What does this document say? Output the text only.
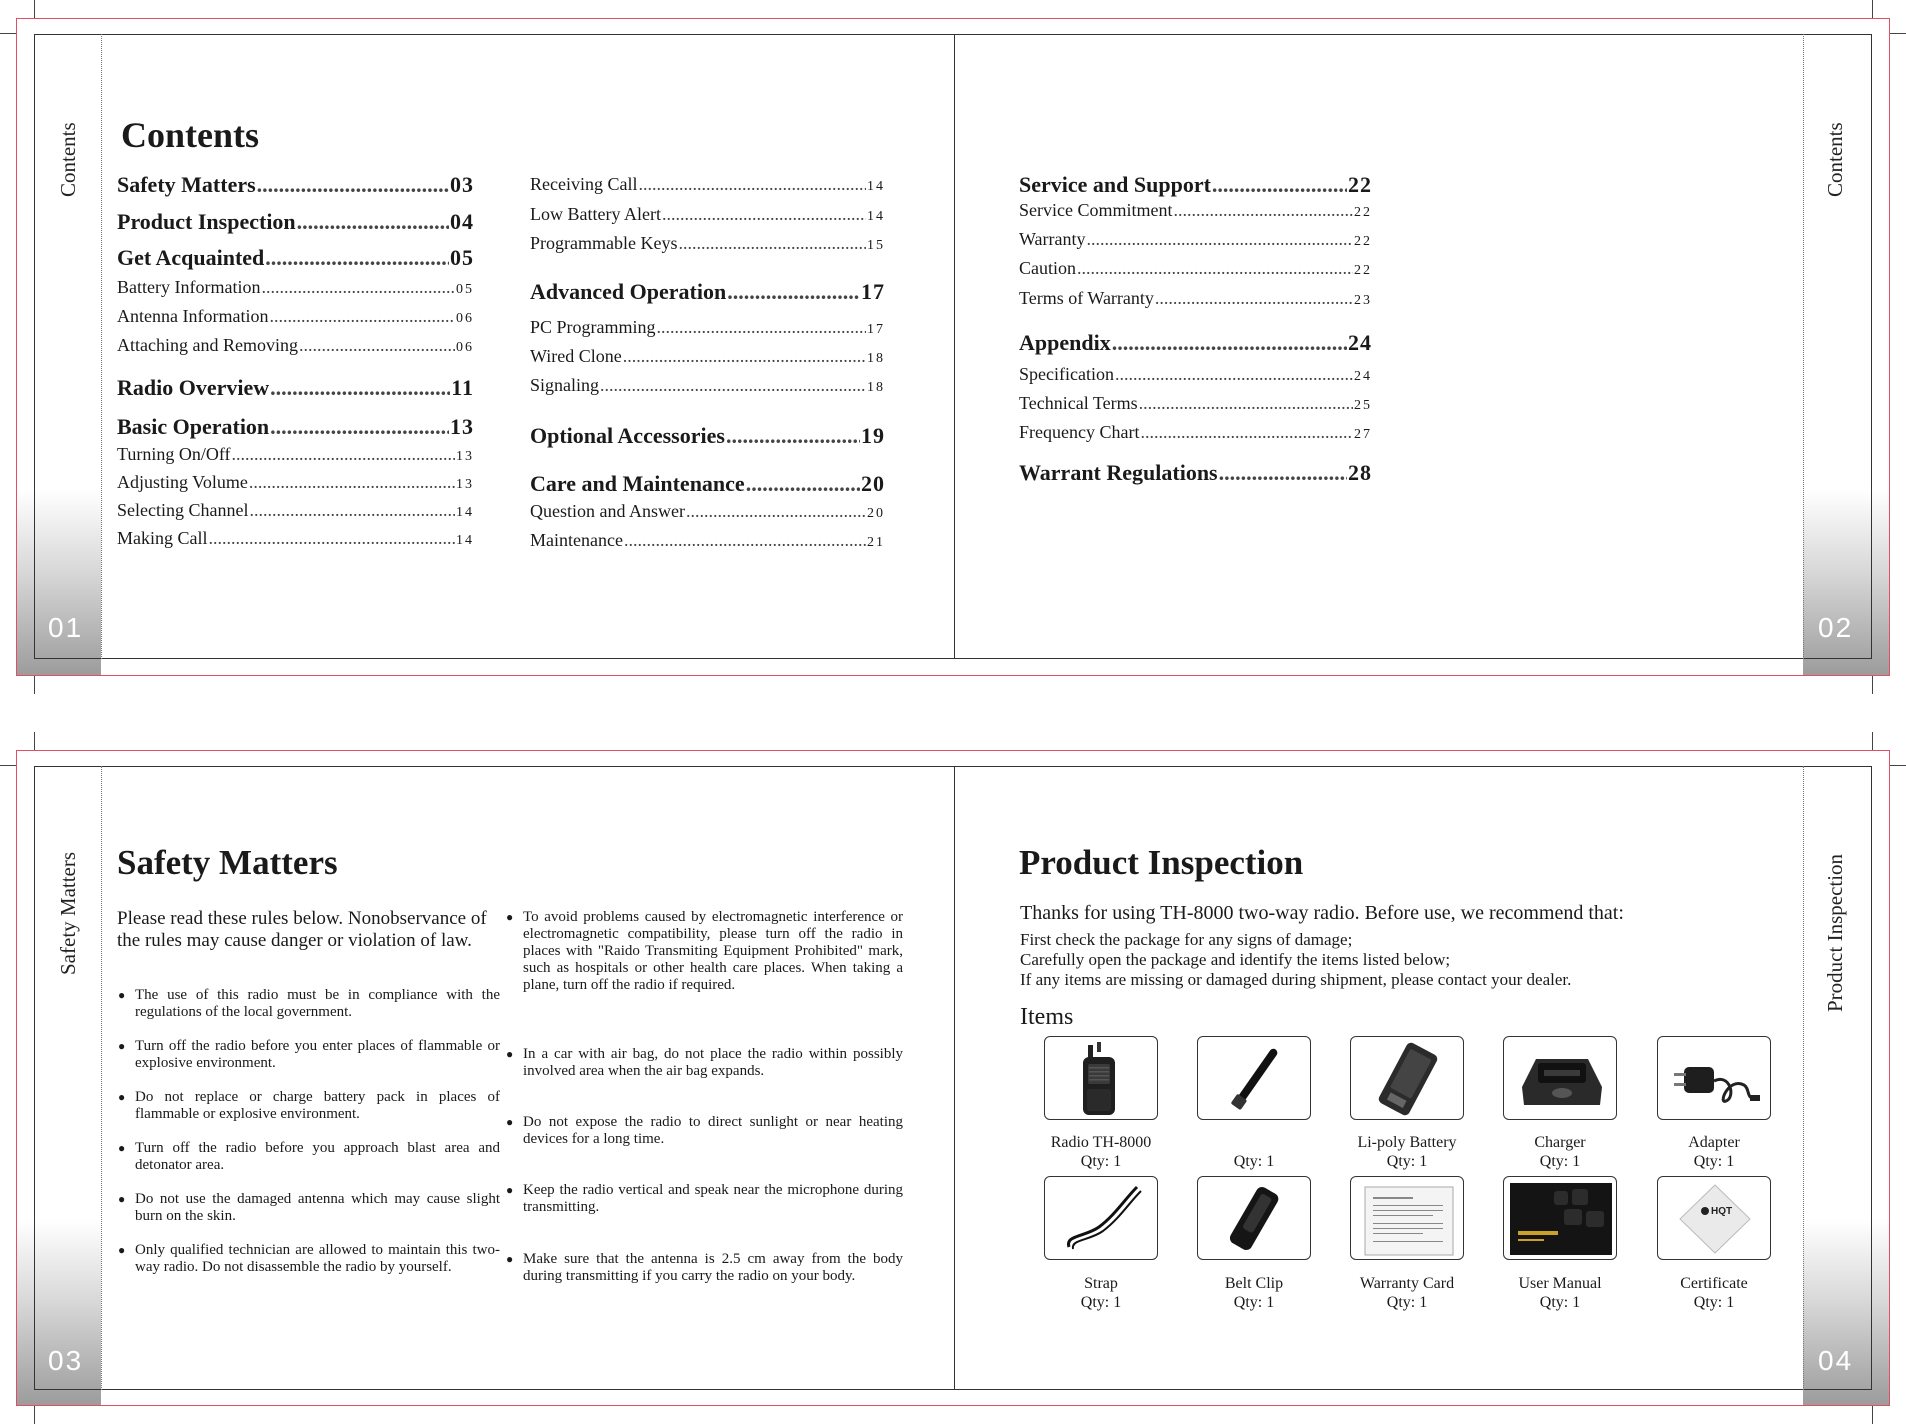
Contents	Contents
01	02
Contents
Safety Matters .....	03
Product Inspection .....	04
Get Acquainted .....	05
Battery Information .....	05
Antenna Information .....	06
Attaching and Removing .....	06
Radio Overview .....	11
Basic Operation .....	13
Turning On/Off .....	13
Adjusting Volume .....	13
Selecting Channel .....	14
Making Call .....	14
Receiving Call .....	14
Low Battery Alert .....	14
Programmable Keys .....	15
Advanced Operation .....	17
PC Programming .....	17
Wired Clone .....	18
Signaling .....	18
Optional Accessories .....	19
Care and Maintenance .....	20
Question and Answer .....	20
Maintenance .....	21
Service and Support .....	22
Service Commitment .....	22
Warranty .....	22
Caution .....	22
Terms of Warranty .....	23
Appendix .....	24
Specification .....	24
Technical Terms .....	25
Frequency Chart .....	27
Warrant Regulations .....	28
Safety Matters	Product Inspection
03	04
Safety Matters
Please read these rules below. Nonobservance of the rules may cause danger or violation of law.
● The use of this radio must be in compliance with the regulations of the local government.
● Turn off the radio before you enter places of flammable or explosive environment.
● Do not replace or charge battery pack in places of flammable or explosive environment.
● Turn off the radio before you approach blast area and detonator area.
● Do not use the damaged antenna which may cause slight burn on the skin.
● Only qualified technician are allowed to maintain this two-way radio. Do not disassemble the radio by yourself.
● To avoid problems caused by electromagnetic interference or electromagnetic compatibility, please turn off the radio in places with "Raido Transmiting Equipment Prohibited" mark, such as hospitals or other health care places. When taking a plane, turn off the radio if required.
● In a car with air bag, do not place the radio within possibly involved area when the air bag expands.
● Do not expose the radio to direct sunlight or near heating devices for a long time.
● Keep the radio vertical and speak near the microphone during transmitting.
● Make sure that the antenna is 2.5 cm away from the body during transmitting if you carry the radio on your body.
Product Inspection
Thanks for using TH-8000 two-way radio. Before use, we recommend that:
First check the package for any signs of damage;
Carefully open the package and identify the items listed below;
If any items are missing or damaged during shipment, please contact your dealer.
Items
Radio TH-8000
Qty: 1	Qty: 1
Li-poly Battery
Qty: 1
Charger
Qty: 1
Adapter
Qty: 1
Strap
Qty: 1
Belt Clip
Qty: 1
Warranty Card
Qty: 1
User Manual
Qty: 1
HQT
Certificate
Qty: 1
